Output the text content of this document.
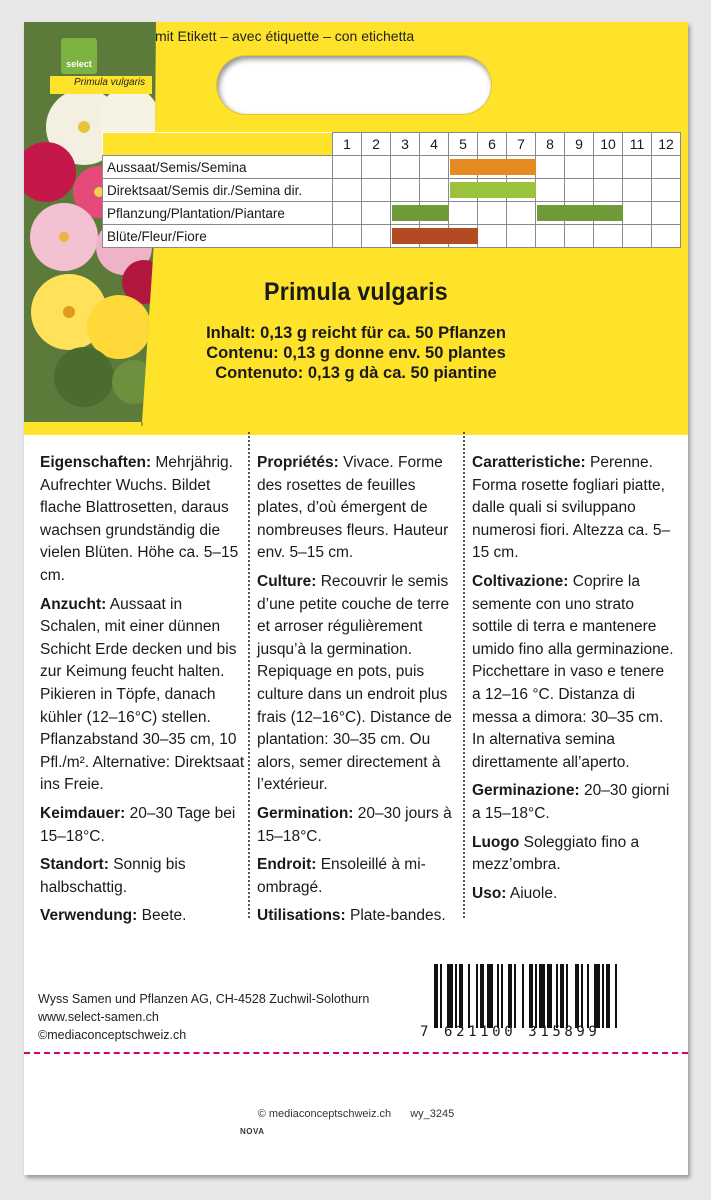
mit Etikett – avec étiquette – con etichetta
select
Primula vulgaris
	1	2	3	4	5	6	7	8	9	10	11	12
Aussaat/Semis/Semina												
Direktsaat/Semis dir./Semina dir.												
Pflanzung/Plantation/Piantare												
Blüte/Fleur/Fiore												
Primula vulgaris
Inhalt: 0,13 g reicht für ca. 50 Pflanzen
Contenu: 0,13 g donne env. 50 plantes
Contenuto: 0,13 g dà ca. 50 piantine

Eigenschaften: Mehrjährig. Aufrechter Wuchs. Bildet flache Blattrosetten, daraus wachsen grundständig die vielen Blüten. Höhe ca. 5–15 cm.

Anzucht: Aussaat in Schalen, mit einer dünnen Schicht Erde decken und bis zur Keimung feucht halten. Pikieren in Töpfe, danach kühler (12–16°C) stellen. Pflanzabstand 30–35 cm, 10 Pfl./m². Alternative: Direktsaat ins Freie.

Keimdauer: 20–30 Tage bei 15–18°C.

Standort: Sonnig bis halbschattig.

Verwendung: Beete.

Propriétés: Vivace. Forme des rosettes de feuilles plates, d’où émergent de nombreuses fleurs. Hauteur env. 5–15 cm.

Culture: Recouvrir le semis d’une petite couche de terre et arroser régulièrement jusqu’à la germination. Repiquage en pots, puis culture dans un endroit plus frais (12–16°C). Distance de plantation: 30–35 cm. Ou alors, semer directement à l’extérieur.

Germination: 20–30 jours à 15–18°C.

Endroit: Ensoleillé à mi-ombragé.

Utilisations: Plate-bandes.

Caratteristiche: Perenne. Forma rosette fogliari piatte, dalle quali si sviluppano numerosi fiori. Altezza ca. 5–15 cm.

Coltivazione: Coprire la semente con uno strato sottile di terra e mantenere umido fino alla germinazione. Picchettare in vaso e tenere a 12–16 °C. Distanza di messa a dimora: 30–35 cm. In alternativa semina direttamente all’aperto.

Germinazione: 20–30 giorni a 15–18°C.

Luogo Soleggiato fino a mezz’ombra.

Uso: Aiuole.

Wyss Samen und Pflanzen AG, CH-4528 Zuchwil-Solothurn
www.select-samen.ch
©mediaconceptschweiz.ch	7 621100 315899
© mediaconceptschweiz.ch wy_3245
NOVA
